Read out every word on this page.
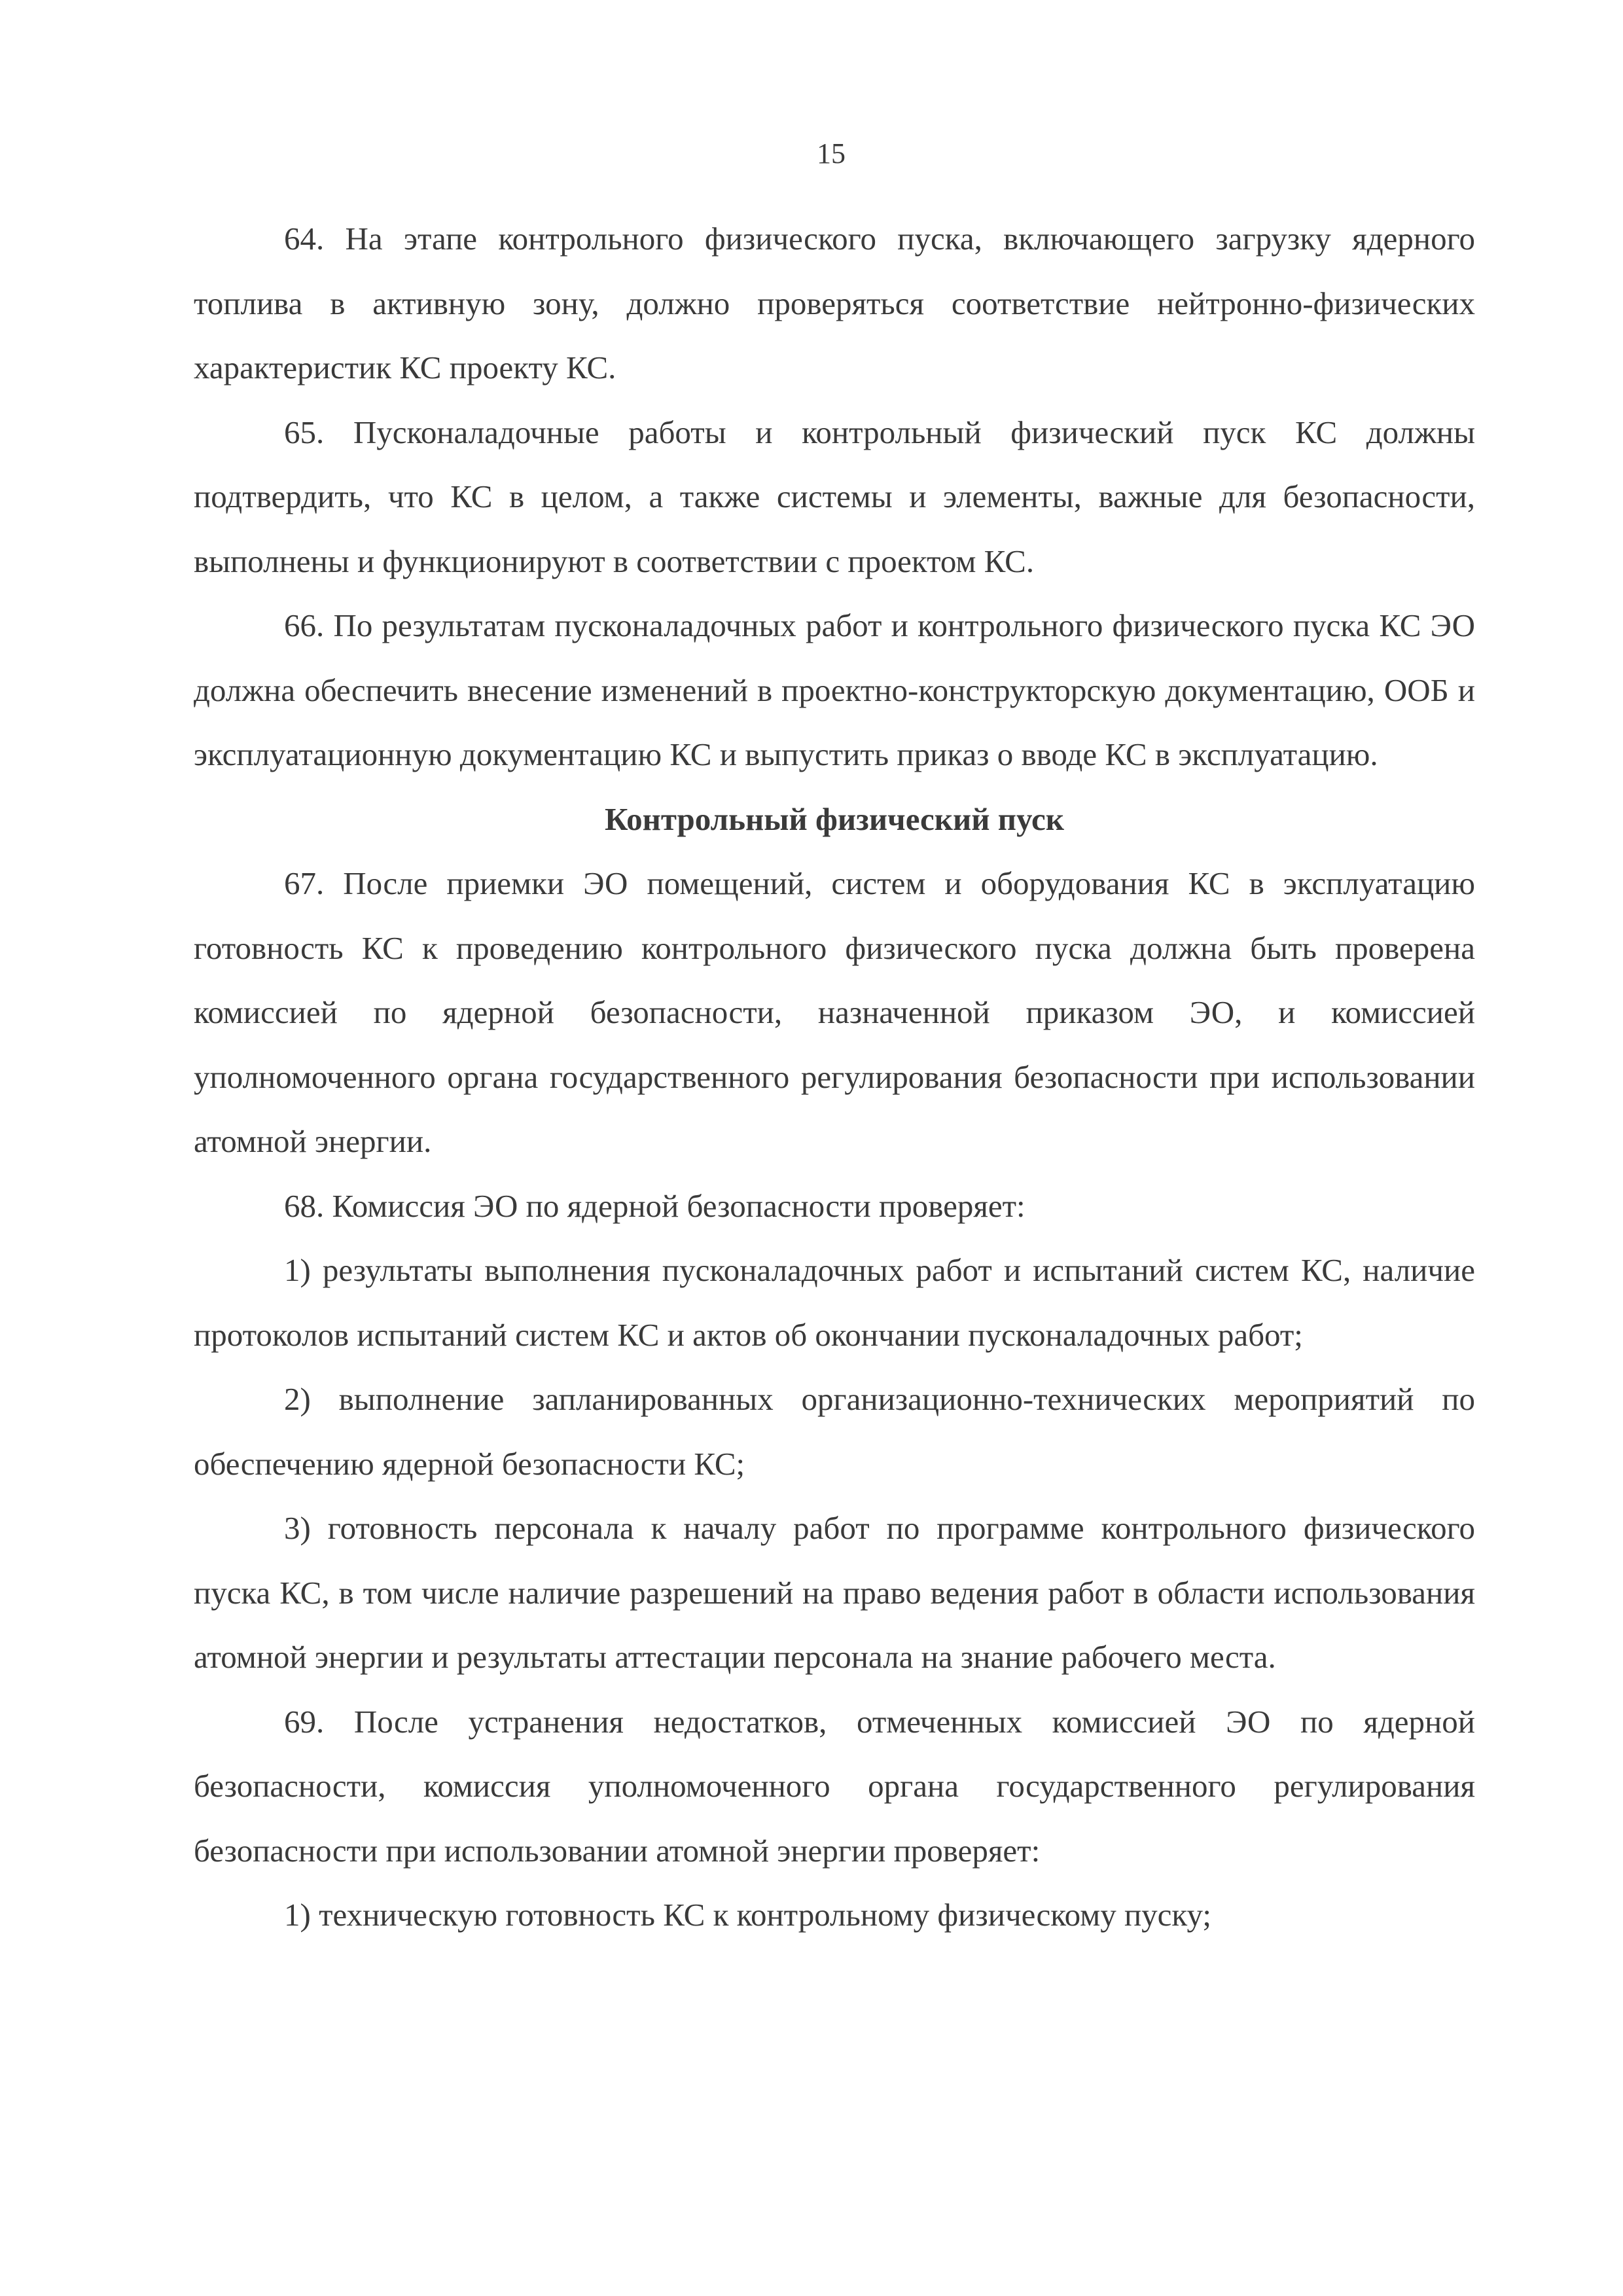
15

64. На этапе контрольного физического пуска, включающего загрузку ядерного топлива в активную зону, должно проверяться соответствие нейтронно-физических характеристик КС проекту КС.

65. Пусконаладочные работы и контрольный физический пуск КС должны подтвердить, что КС в целом, а также системы и элементы, важные для безопасности, выполнены и функционируют в соответствии с проектом КС.

66. По результатам пусконаладочных работ и контрольного физического пуска КС ЭО должна обеспечить внесение изменений в проектно-конструкторскую документацию, ООБ и эксплуатационную документацию КС и выпустить приказ о вводе КС в эксплуатацию.

Контрольный физический пуск

67. После приемки ЭО помещений, систем и оборудования КС в эксплуатацию готовность КС к проведению контрольного физического пуска должна быть проверена комиссией по ядерной безопасности, назначенной приказом ЭО, и комиссией уполномоченного органа государственного регулирования безопасности при использовании атомной энергии.

68. Комиссия ЭО по ядерной безопасности проверяет:

1) результаты выполнения пусконаладочных работ и испытаний систем КС, наличие протоколов испытаний систем КС и актов об окончании пусконаладочных работ;

2) выполнение запланированных организационно-технических мероприятий по обеспечению ядерной безопасности КС;

3) готовность персонала к началу работ по программе контрольного физического пуска КС, в том числе наличие разрешений на право ведения работ в области использования атомной энергии и результаты аттестации персонала на знание рабочего места.

69. После устранения недостатков, отмеченных комиссией ЭО по ядерной безопасности, комиссия уполномоченного органа государственного регулирования безопасности при использовании атомной энергии проверяет:

1) техническую готовность КС к контрольному физическому пуску;
